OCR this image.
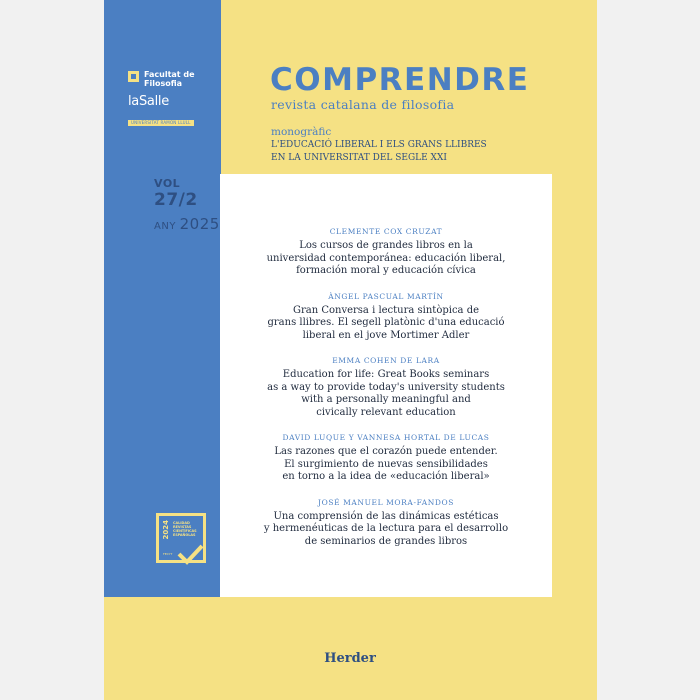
Facultat de
Filosofia
laSalle
UNIVERSITAT RAMON LLULL
VOL 27/2
ANY 2025
2024 CALIDAD REVISTAS CIENTÍFICAS ESPAÑOLAS
FECYT
COMPRENDRE
revista catalana de filosofia
monogràfic
L'EDUCACIÓ LIBERAL I ELS GRANS LLIBRES
EN LA UNIVERSITAT DEL SEGLE XXI
CLEMENTE COX CRUZAT
Los cursos de grandes libros en la
universidad contemporánea: educación liberal,
formación moral y educación cívica
ÀNGEL PASCUAL MARTÍN
Gran Conversa i lectura sintòpica de
grans llibres. El segell platònic d'una educació
liberal en el jove Mortimer Adler
EMMA COHEN DE LARA
Education for life: Great Books seminars
as a way to provide today's university students
with a personally meaningful and
civically relevant education
DAVID LUQUE Y VANNESA HORTAL DE LUCAS
Las razones que el corazón puede entender.
El surgimiento de nuevas sensibilidades
en torno a la idea de «educación liberal»
JOSÉ MANUEL MORA-FANDOS
Una comprensión de las dinámicas estéticas
y hermenéuticas de la lectura para el desarrollo
de seminarios de grandes libros
Herder
